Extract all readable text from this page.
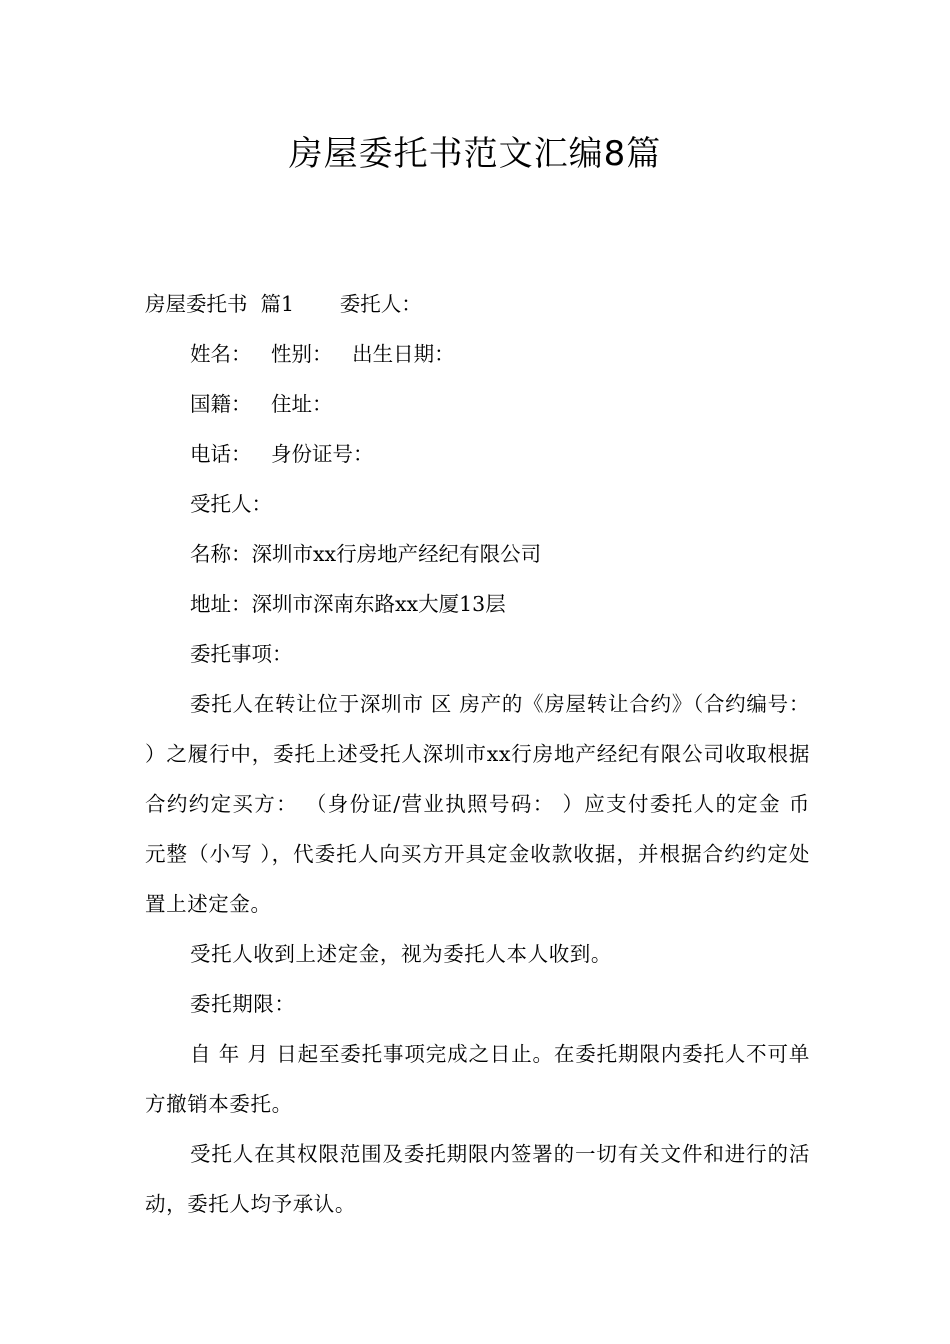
房屋委托书范文汇编8篇
房屋委托书  篇1       委托人：
姓名：   性别：   出生日期：
国籍：   住址：
电话：   身份证号：
受托人：
名称：深圳市xx行房地产经纪有限公司
地址：深圳市深南东路xx大厦13层
委托事项：

委托人在转让位于深圳市 区 房产的《房屋转让合约》（合约编号： ）之履行中，委托上述受托人深圳市xx行房地产经纪有限公司收取根据合约约定买方： （身份证/营业执照号码： ）应支付委托人的定金 币 元整（小写 ），代委托人向买方开具定金收款收据，并根据合约约定处置上述定金。

受托人收到上述定金，视为委托人本人收到。

委托期限：

自 年 月 日起至委托事项完成之日止。在委托期限内委托人不可单方撤销本委托。

受托人在其权限范围及委托期限内签署的一切有关文件和进行的活动，委托人均予承认。
